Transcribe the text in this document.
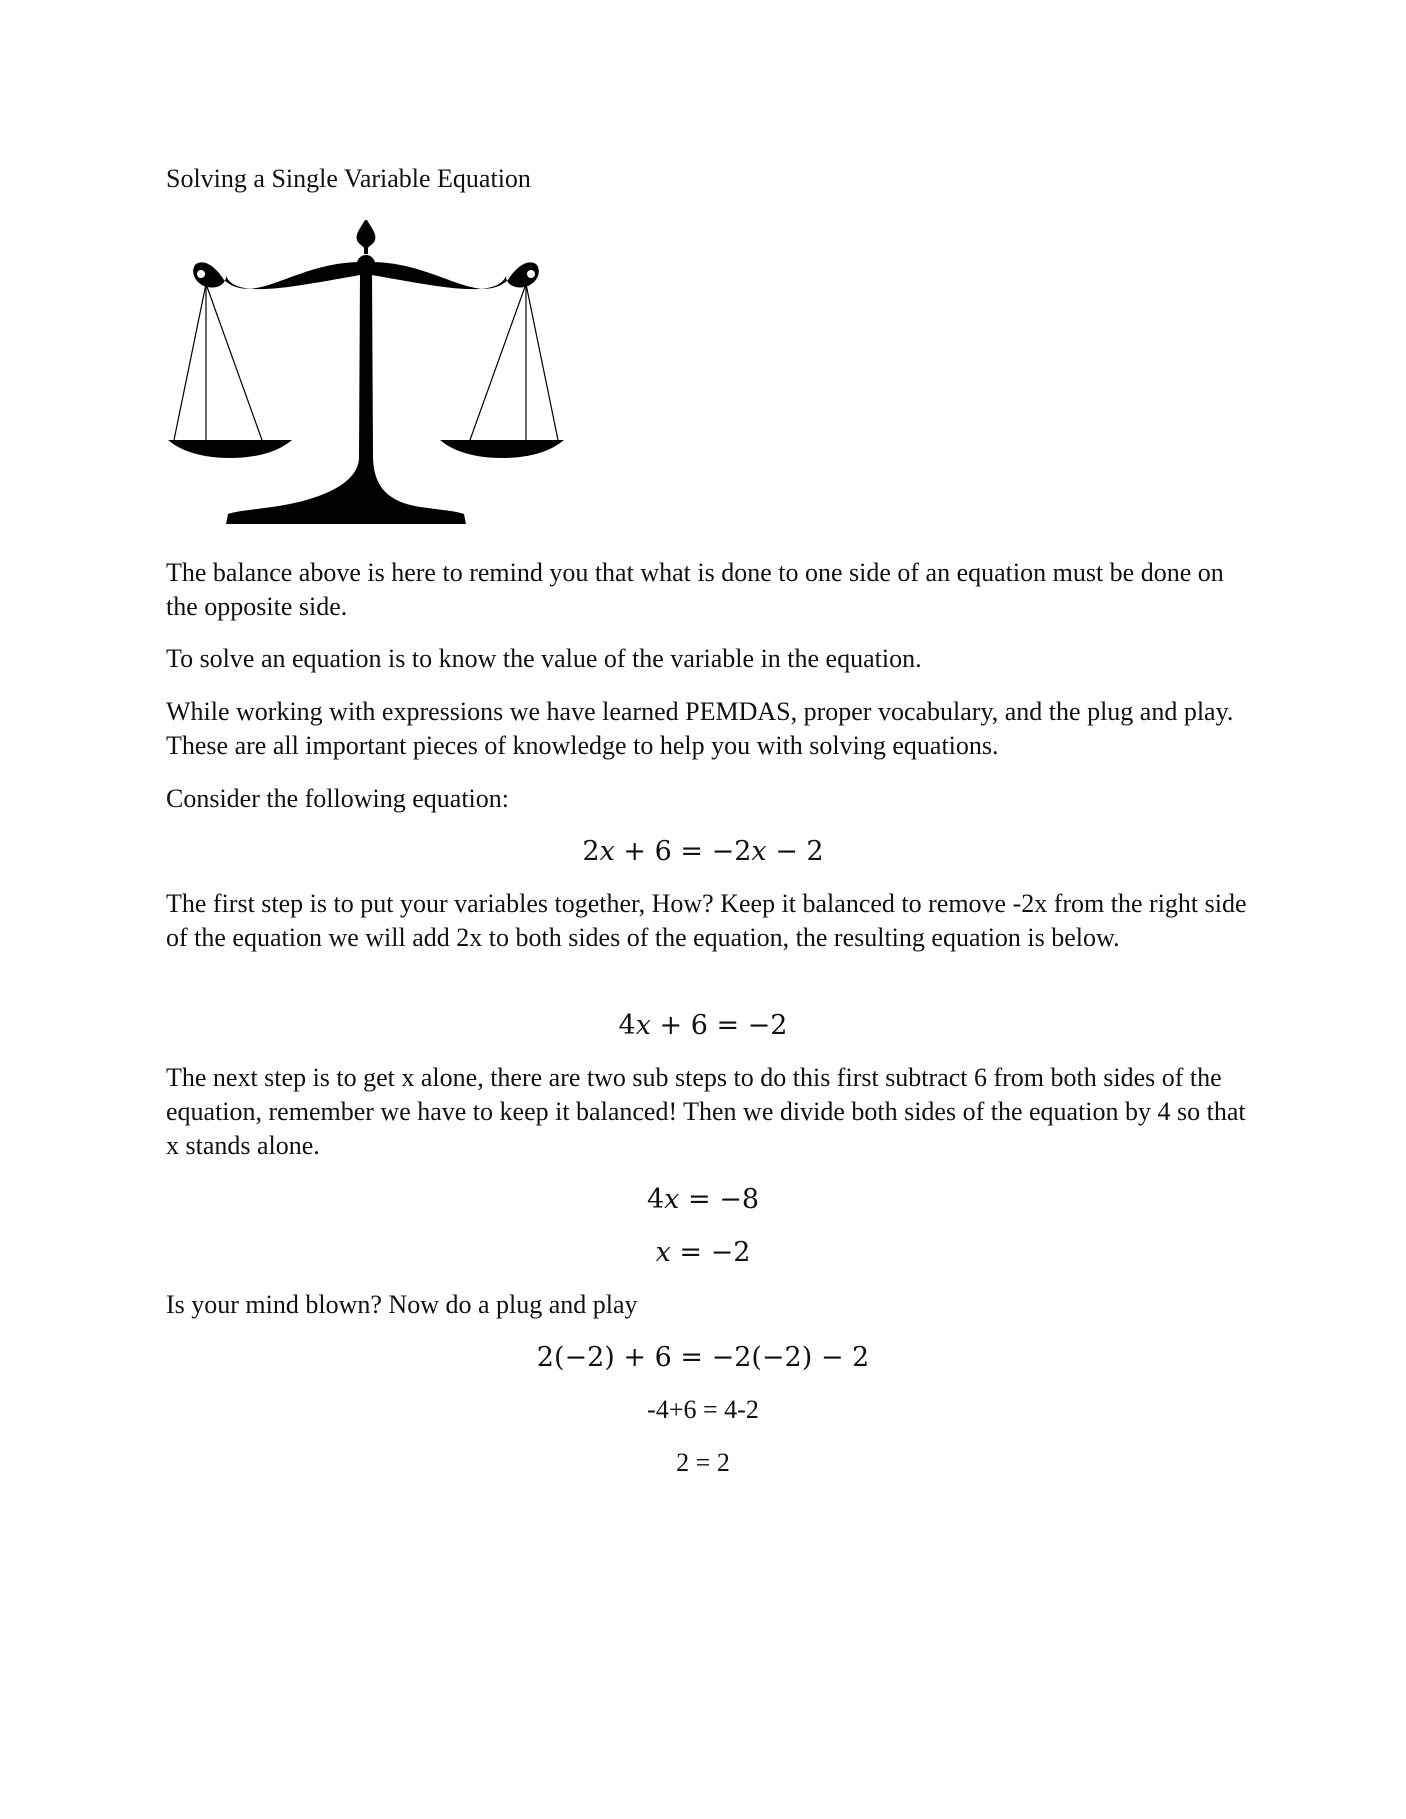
Solving a Single Variable Equation

The balance above is here to remind you that what is done to one side of an equation must be done on the opposite side.

To solve an equation is to know the value of the variable in the equation.

While working with expressions we have learned PEMDAS, proper vocabulary, and the plug and play. These are all important pieces of knowledge to help you with solving equations.

Consider the following equation:

2x + 6 = −2x − 2

The first step is to put your variables together, How? Keep it balanced to remove -2x from the right side of the equation we will add 2x to both sides of the equation, the resulting equation is below.

4x + 6 = −2

The next step is to get x alone, there are two sub steps to do this first subtract 6 from both sides of the equation, remember we have to keep it balanced! Then we divide both sides of the equation by 4 so that x stands alone.

4x = −8

x = −2

Is your mind blown? Now do a plug and play

2(−2) + 6 = −2(−2) − 2

-4+6 = 4-2

2 = 2
